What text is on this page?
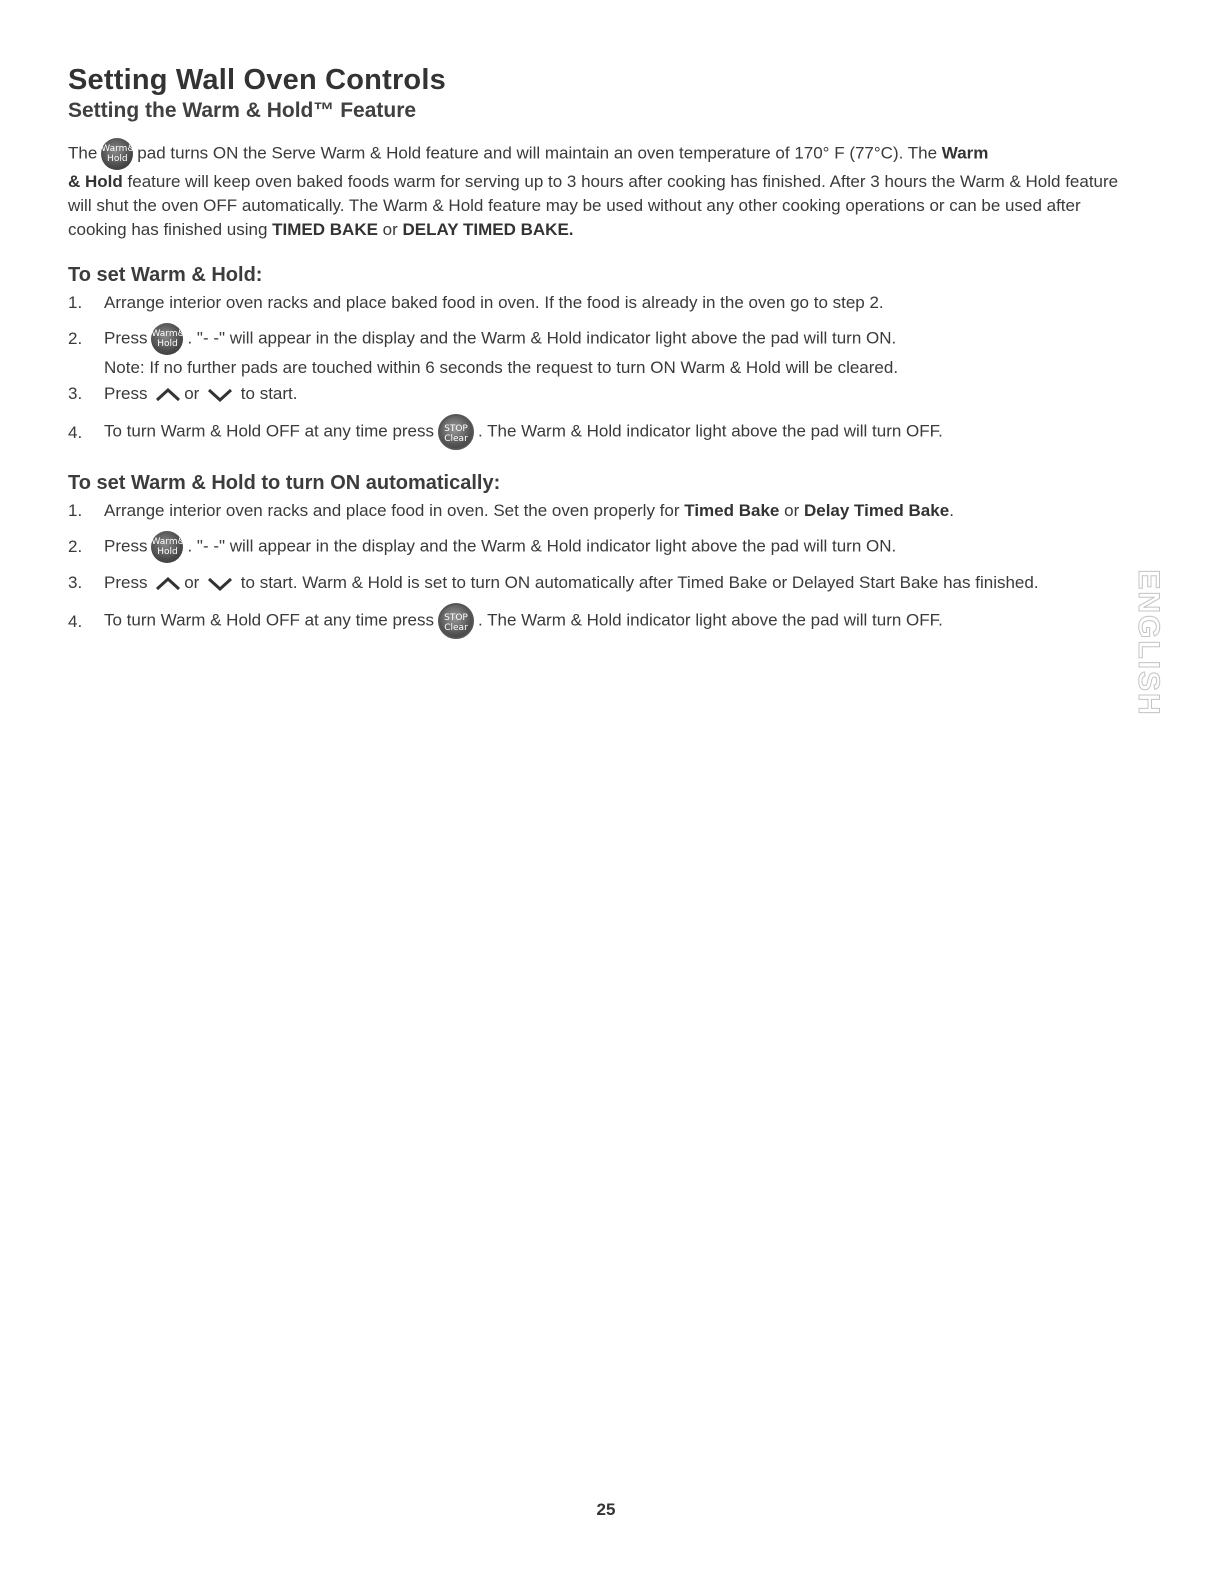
Setting Wall Oven Controls
Setting the Warm & Hold™ Feature

The Warm&
Hold pad turns ON the Serve Warm & Hold feature and will maintain an oven temperature of 170° F (77°C). The Warm

& Hold feature will keep oven baked foods warm for serving up to 3 hours after cooking has finished. After 3 hours the Warm & Hold feature will shut the oven OFF automatically. The Warm & Hold feature may be used without any other cooking operations or can be used after cooking has finished using TIMED BAKE or DELAY TIMED BAKE.

To set Warm & Hold:
1. Arrange interior oven racks and place baked food in oven. If the food is already in the oven go to step 2.
2. Press Warm&
Hold . "- -" will appear in the display and the Warm & Hold indicator light above the pad will turn ON.
Note: If no further pads are touched within 6 seconds the request to turn ON Warm & Hold will be cleared.
3. Press or to start.
4. To turn Warm & Hold OFF at any time press STOP
Clear . The Warm & Hold indicator light above the pad will turn OFF.
To set Warm & Hold to turn ON automatically:
1. Arrange interior oven racks and place food in oven. Set the oven properly for Timed Bake or Delay Timed Bake.
2. Press Warm&
Hold . "- -" will appear in the display and the Warm & Hold indicator light above the pad will turn ON.
3. Press or to start. Warm & Hold is set to turn ON automatically after Timed Bake or Delayed Start Bake has finished.
4. To turn Warm & Hold OFF at any time press STOP
Clear . The Warm & Hold indicator light above the pad will turn OFF.	ENGLISH
25
